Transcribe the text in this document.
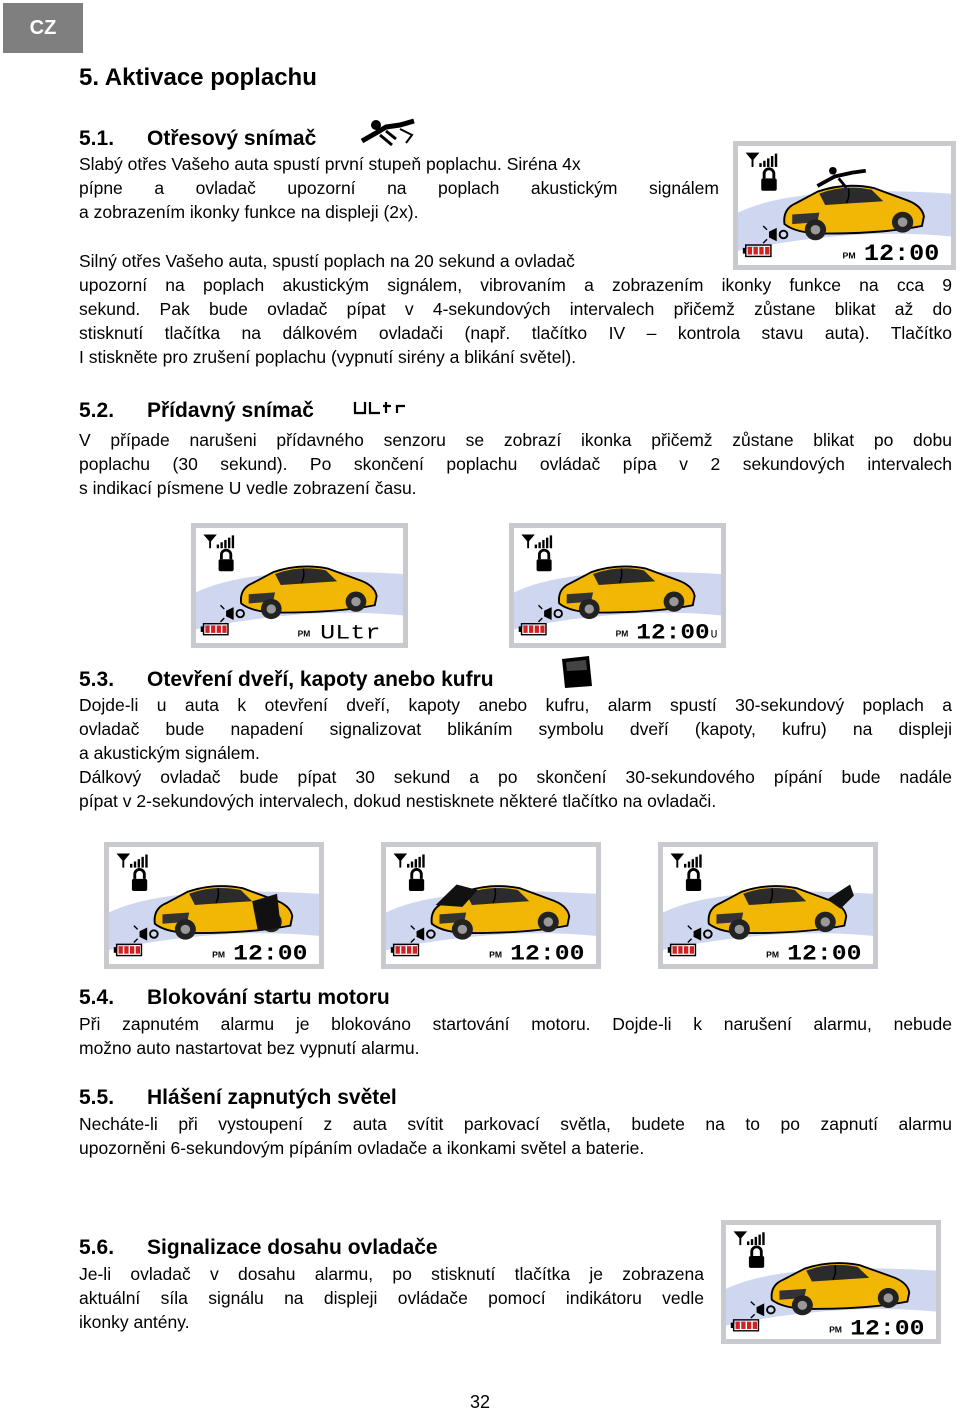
CZ
5. Aktivace poplachu
5.1.	Otřesový snímač

Slabý otřes Vašeho auta spustí první stupeň poplachu. Siréna 4x

pípne a ovladač upozorní na poplach akustickým signálem

a zobrazením ikonky funkce na displeji (2x).

Silný otřes Vašeho auta, spustí poplach na 20 sekund a ovladač

upozorní na poplach akustickým signálem, vibrovaním a zobrazením ikonky funkce na cca 9

sekund. Pak bude ovladač pípat v 4-sekundových intervalech přičemž zůstane blikat až do

stisknutí tlačítka na dálkovém ovladači (např. tlačítko IV – kontrola stavu auta). Tlačítko

I stiskněte pro zrušení poplachu (vypnutí sirény a blikání světel).

5.2.	Přídavný snímač

V případe narušeni přídavného senzoru se zobrazí ikonka přičemž zůstane blikat po dobu

poplachu (30 sekund). Po skončení poplachu ovládač pípa v 2 sekundových intervalech

s indikací písmene U vedle zobrazení času.

5.3.	Otevření dveří, kapoty anebo kufru

Dojde-li u auta k otevření dveří, kapoty anebo kufru, alarm spustí 30-sekundový poplach a

ovladač bude napadení signalizovat blikáním symbolu dveří (kapoty, kufru) na displeji

a akustickým signálem.

Dálkový ovladač bude pípat 30 sekund a po skončení 30-sekundového pípání bude nadále

pípat v 2-sekundových intervalech, dokud nestisknete některé tlačítko na ovladači.

5.4.	Blokování startu motoru

Při zapnutém alarmu je blokováno startování motoru. Dojde-li k narušení alarmu, nebude

možno auto nastartovat bez vypnutí alarmu.

5.5.	Hlášení zapnutých světel

Necháte-li při vystoupení z auta svítit parkovací světla, budete na to po zapnutí alarmu

upozorněni 6-sekundovým pípáním ovladače a ikonkami světel a baterie.

5.6.	Signalizace dosahu ovladače

Je-li ovladač v dosahu alarmu, po stisknutí tlačítka je zobrazena

aktuální síla signálu na displeji ovládače pomocí indikátoru vedle

ikonky antény.

PM 12:00
PM ULtr	PM 12:00 U
PM 12:00	PM 12:00	PM 12:00
PM 12:00
32
